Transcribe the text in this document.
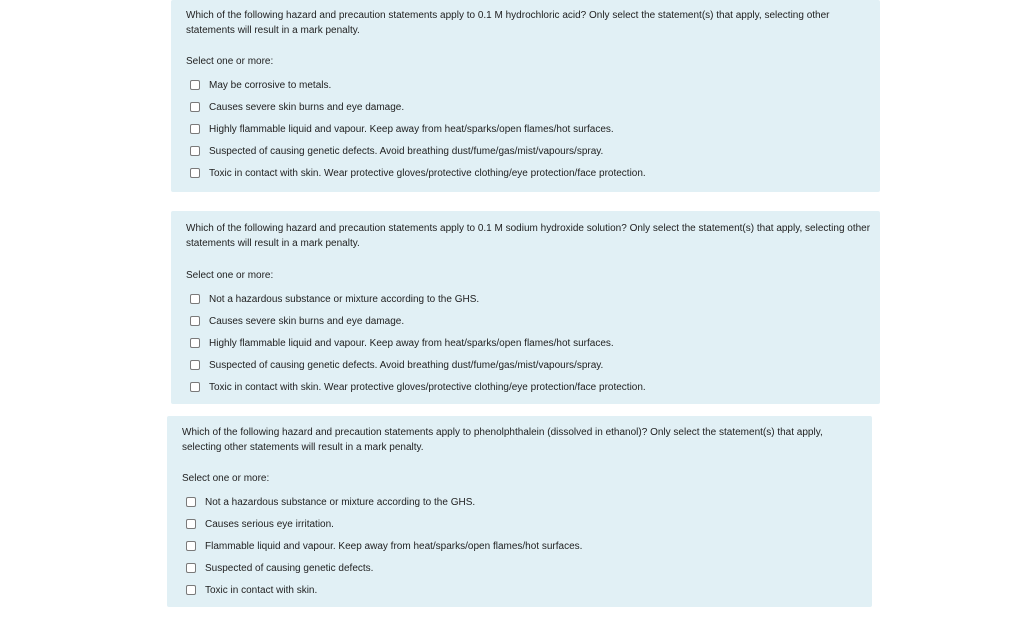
Which of the following hazard and precaution statements apply to 0.1 M hydrochloric acid? Only select the statement(s) that apply, selecting other statements will result in a mark penalty.

Select one or more:
May be corrosive to metals.
Causes severe skin burns and eye damage.
Highly flammable liquid and vapour. Keep away from heat/sparks/open flames/hot surfaces.
Suspected of causing genetic defects. Avoid breathing dust/fume/gas/mist/vapours/spray.
Toxic in contact with skin. Wear protective gloves/protective clothing/eye protection/face protection.

Which of the following hazard and precaution statements apply to 0.1 M sodium hydroxide solution? Only select the statement(s) that apply, selecting other statements will result in a mark penalty.

Select one or more:
Not a hazardous substance or mixture according to the GHS.
Causes severe skin burns and eye damage.
Highly flammable liquid and vapour. Keep away from heat/sparks/open flames/hot surfaces.
Suspected of causing genetic defects. Avoid breathing dust/fume/gas/mist/vapours/spray.
Toxic in contact with skin. Wear protective gloves/protective clothing/eye protection/face protection.

Which of the following hazard and precaution statements apply to phenolphthalein (dissolved in ethanol)? Only select the statement(s) that apply, selecting other statements will result in a mark penalty.

Select one or more:
Not a hazardous substance or mixture according to the GHS.
Causes serious eye irritation.
Flammable liquid and vapour. Keep away from heat/sparks/open flames/hot surfaces.
Suspected of causing genetic defects.
Toxic in contact with skin.
